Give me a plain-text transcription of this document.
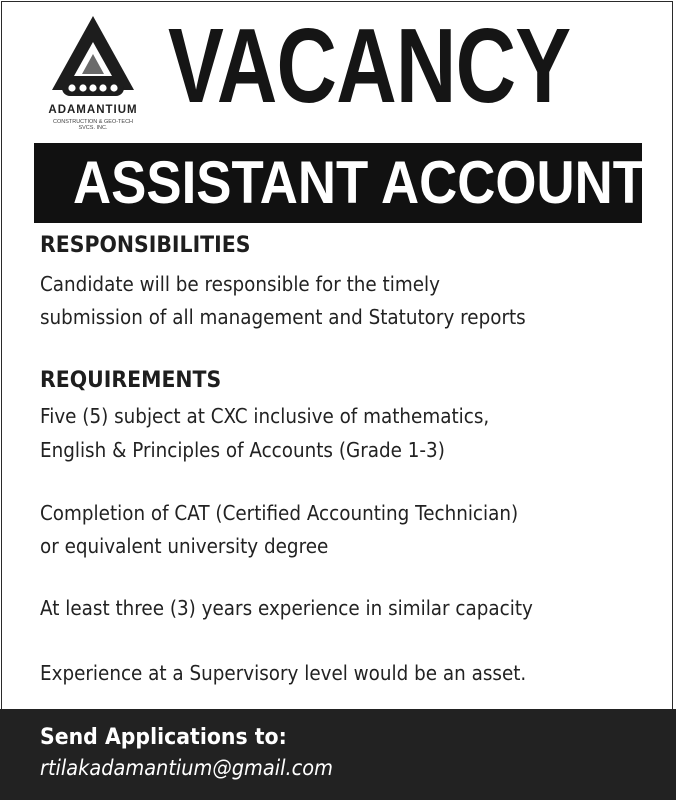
ADAMANTIUM
CONSTRUCTION & GEO-TECH
SVCS. INC.
VACANCY
ASSISTANT ACCOUNT
RESPONSIBILITIES
Candidate will be responsible for the timely
submission of all management and Statutory reports
REQUIREMENTS
Five (5) subject at CXC inclusive of mathematics,
English & Principles of Accounts (Grade 1-3)
Completion of CAT (Certified Accounting Technician)
or equivalent university degree
At least three (3) years experience in similar capacity
Experience at a Supervisory level would be an asset.
Send Applications to:
rtilakadamantium@gmail.com
